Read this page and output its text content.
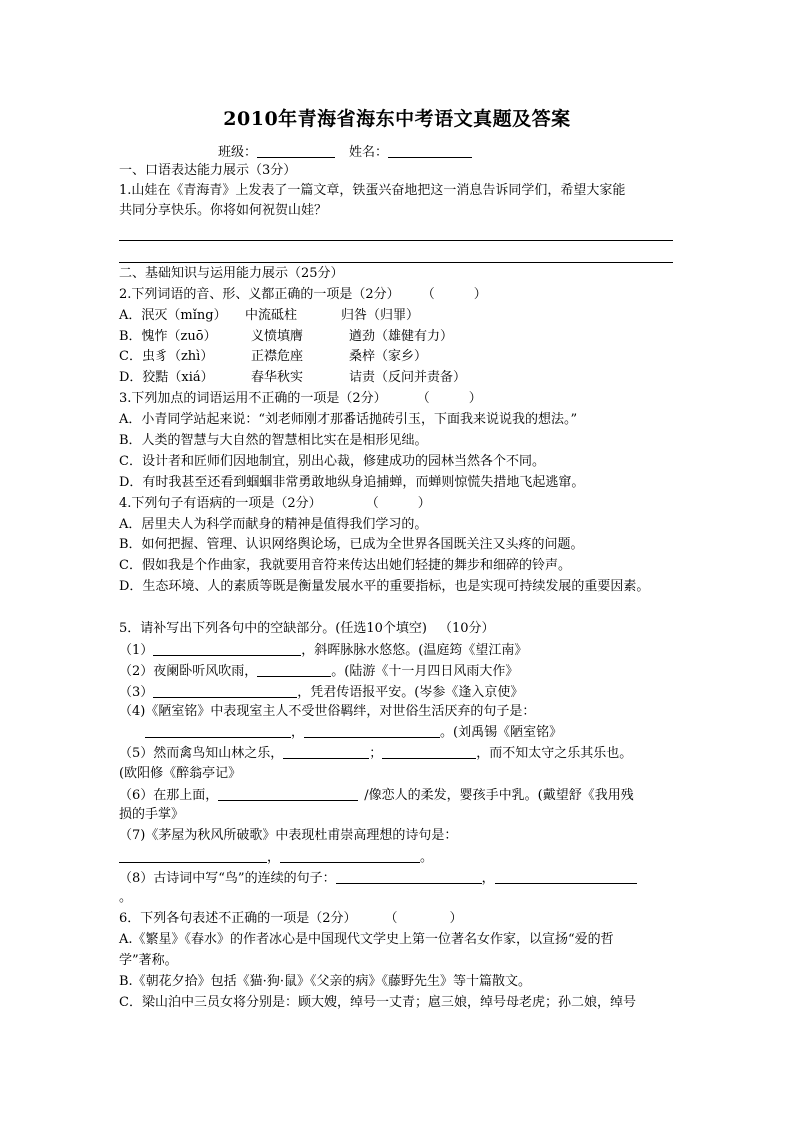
2010年青海省海东中考语文真题及答案
班级：	姓名：
一、口语表达能力展示（3分）
1.山娃在《青海青》上发表了一篇文章，铁蛋兴奋地把这一消息告诉同学们，希望大家能
共同分享快乐。你将如何祝贺山娃？
二、基础知识与运用能力展示（25分）
2.下列词语的音、形、义都正确的一项是（2分） （　　　）
A．泯灭（mǐng） 中流砥柱	归咎（归罪）
B．愧怍（zuō）	义愤填膺	遒劲（雄健有力）
C．虫豸（zhì）	正襟危座	桑梓（家乡）
D．狡黠（xiá）	春华秋实	诘责（反问并责备）
3.下列加点的词语运用不正确的一项是（2分） （　　　）
A．小青同学站起来说：“刘老师刚才那番话抛砖引玉，下面我来说说我的想法。”
B．人类的智慧与大自然的智慧相比实在是相形见绌。
C．设计者和匠师们因地制宜，别出心裁，修建成功的园林当然各个不同。
D．有时我甚至还看到蝈蝈非常勇敢地纵身追捕蝉，而蝉则惊慌失措地飞起逃窜。
4.下列句子有语病的一项是（2分）	（　　　）
A．居里夫人为科学而献身的精神是值得我们学习的。
B．如何把握、管理、认识网络舆论场，已成为全世界各国既关注又头疼的问题。
C．假如我是个作曲家，我就要用音符来传达出她们轻捷的舞步和细碎的铃声。
D．生态环境、人的素质等既是衡量发展水平的重要指标，也是实现可持续发展的重要因素。
5．请补写出下列各句中的空缺部分。(任选10个填空) （10分）
（1）	，斜晖脉脉水悠悠。(温庭筠《望江南》
（2）夜阑卧听风吹雨，	。(陆游《十一月四日风雨大作》
（3）	，凭君传语报平安。(岑参《逢入京使》
（4)《陋室铭》中表现室主人不受世俗羁绊，对世俗生活厌弃的句子是：
，	。(刘禹锡《陋室铭》
（5）然而禽鸟知山林之乐，	；	，而不知太守之乐其乐也。
(欧阳修《醉翁亭记》
（6）在那上面，	/像恋人的柔发，婴孩手中乳。(戴望舒《我用残
损的手掌》
（7)《茅屋为秋风所破歌》中表现杜甫崇高理想的诗句是：
，	。
（8）古诗词中写“鸟”的连续的句子：	，
。
6．下列各句表述不正确的一项是（2分） （　　　　）
A.《繁星》《春水》的作者冰心是中国现代文学史上第一位著名女作家，以宣扬“爱的哲
学”著称。
B.《朝花夕拾》包括《猫·狗·鼠》《父亲的病》《藤野先生》等十篇散文。
C．梁山泊中三员女将分别是：顾大嫂，绰号一丈青；扈三娘，绰号母老虎；孙二娘，绰号
